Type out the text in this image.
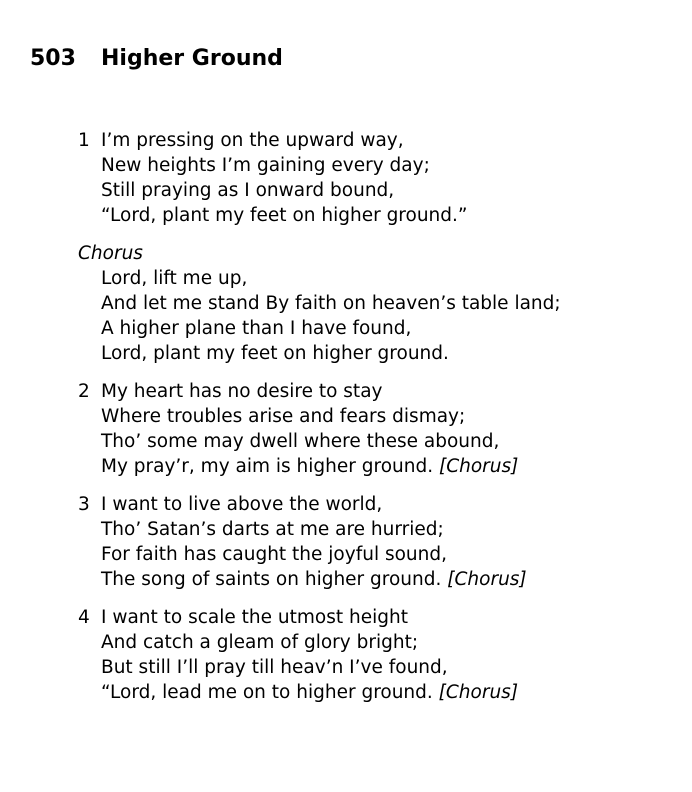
503 Higher Ground
1 I’m pressing on the upward way,
New heights I’m gaining every day;
Still praying as I onward bound,
“Lord, plant my feet on higher ground.”
Chorus
Lord, lift me up,
And let me stand By faith on heaven’s table land;
A higher plane than I have found,
Lord, plant my feet on higher ground.
2 My heart has no desire to stay
Where troubles arise and fears dismay;
Tho’ some may dwell where these abound,
My pray’r, my aim is higher ground. [Chorus]
3 I want to live above the world,
Tho’ Satan’s darts at me are hurried;
For faith has caught the joyful sound,
The song of saints on higher ground. [Chorus]
4 I want to scale the utmost height
And catch a gleam of glory bright;
But still I’ll pray till heav’n I’ve found,
“Lord, lead me on to higher ground. [Chorus]
